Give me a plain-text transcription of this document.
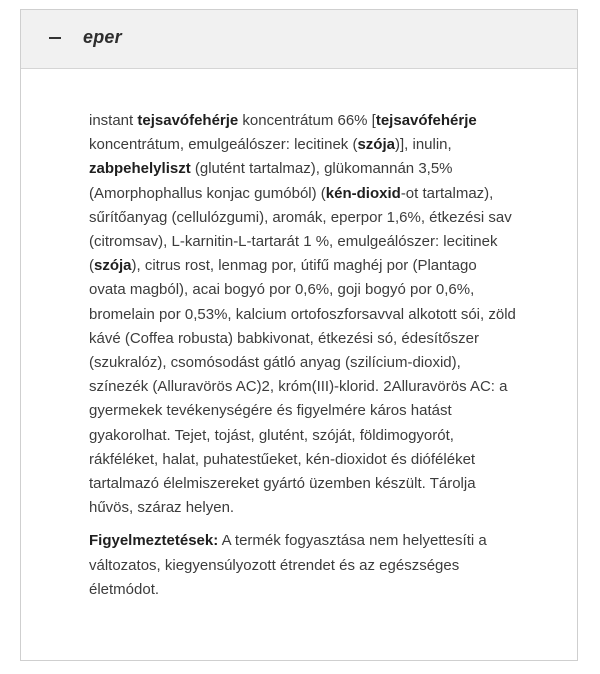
eper

instant tejsavófehérje koncentrátum 66% [tejsavófehérje koncentrátum, emulgeálószer: lecitinek (szója)], inulin, zabpehelyliszt (glutént tartalmaz), glükomannán 3,5% (Amorphophallus konjac gumóból) (kén-dioxid-ot tartalmaz), sűrítőanyag (cellulózgumi), aromák, eperpor 1,6%, étkezési sav (citromsav), L-karnitin-L-tartarát 1 %, emulgeálószer: lecitinek (szója), citrus rost, lenmag por, útifű maghéj por (Plantago ovata magból), acai bogyó por 0,6%, goji bogyó por 0,6%, bromelain por 0,53%, kalcium ortofoszforsavval alkotott sói, zöld kávé (Coffea robusta) babkivonat, étkezési só, édesítőszer (szukralóz), csomósodást gátló anyag (szilícium-dioxid), színezék (Alluravörös AC)2, króm(III)-klorid. 2Alluravörös AC: a gyermekek tevékenységére és figyelmére káros hatást gyakorolhat. Tejet, tojást, glutént, szóját, földimogyorót, rákféléket, halat, puhatestűeket, kén-dioxidot és dióféléket tartalmazó élelmiszereket gyártó üzemben készült. Tárolja hűvös, száraz helyen.

Figyelmeztetések: A termék fogyasztása nem helyettesíti a változatos, kiegyensúlyozott étrendet és az egészséges életmódot.
